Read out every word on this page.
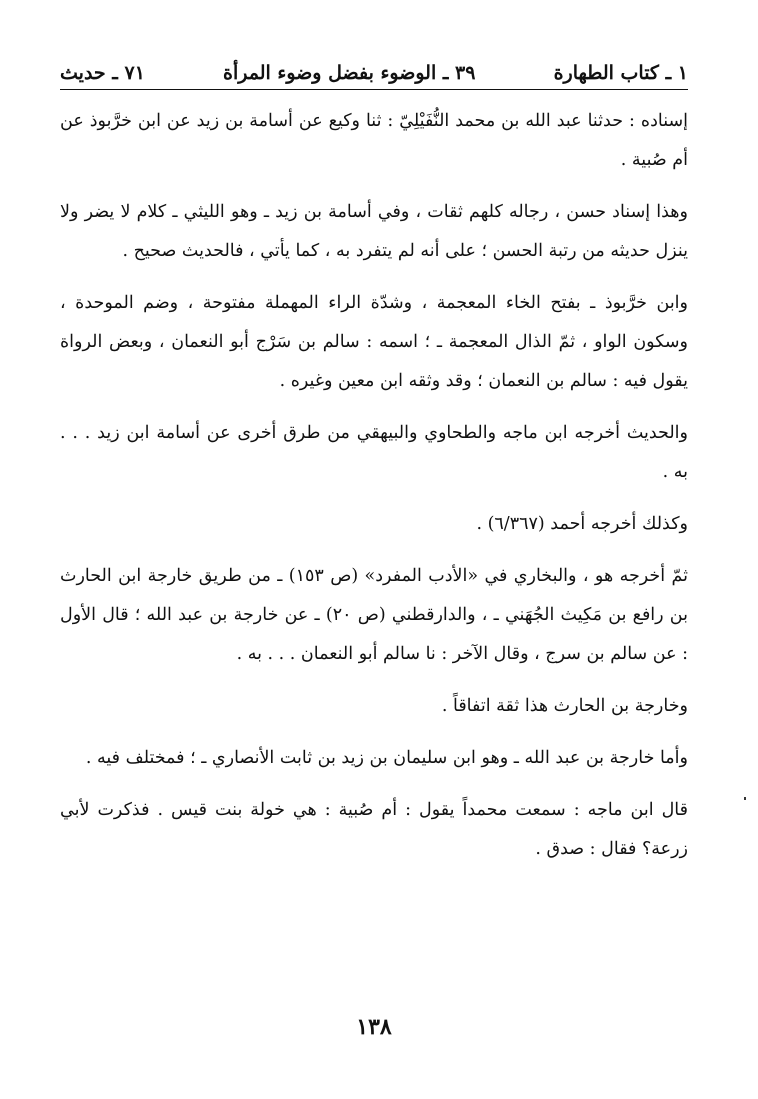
١ ـ كتاب الطهارة
٣٩ ـ الوضوء بفضل وضوء المرأة
٧١ ـ حديث

إسناده : حدثنا عبد الله بن محمد النُّفَيْلِيّ : ثنا وكيع عن أسامة بن زيد عن ابن خرَّبوذ عن أم صُبية .

وهذا إسناد حسن ، رجاله كلهم ثقات ، وفي أسامة بن زيد ـ وهو الليثي ـ كلام لا يضر ولا ينزل حديثه من رتبة الحسن ؛ على أنه لم يتفرد به ، كما يأتي ، فالحديث صحيح .

وابن خرَّبوذ ـ بفتح الخاء المعجمة ، وشدّة الراء المهملة مفتوحة ، وضم الموحدة ، وسكون الواو ، ثمّ الذال المعجمة ـ ؛ اسمه : سالم بن سَرْج أبو النعمان ، وبعض الرواة يقول فيه : سالم بن النعمان ؛ وقد وثقه ابن معين وغيره .

والحديث أخرجه ابن ماجه والطحاوي والبيهقي من طرق أخرى عن أسامة ابن زيد . . . به .

وكذلك أخرجه أحمد (٦/٣٦٧) .

ثمّ أخرجه هو ، والبخاري في «الأدب المفرد» (ص ١٥٣) ـ من طريق خارجة ابن الحارث بن رافع بن مَكِيث الجُهَني ـ ، والدارقطني (ص ٢٠) ـ عن خارجة بن عبد الله ؛ قال الأول : عن سالم بن سرج ، وقال الآخر : نا سالم أبو النعمان . . . به .

وخارجة بن الحارث هذا ثقة اتفاقاً .

وأما خارجة بن عبد الله ـ وهو ابن سليمان بن زيد بن ثابت الأنصاري ـ ؛ فمختلف فيه .

قال ابن ماجه : سمعت محمداً يقول : أم صُبية : هي خولة بنت قيس . فذكرت لأبي زرعة؟ فقال : صدق .

١٣٨
